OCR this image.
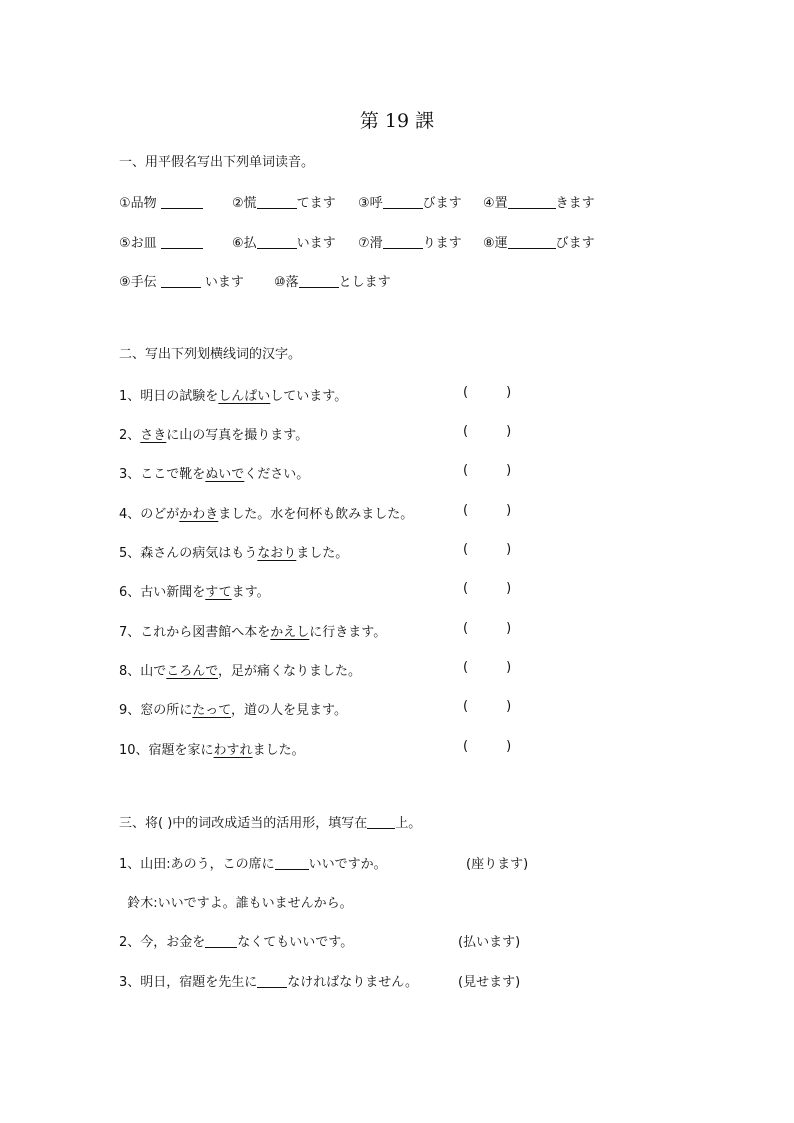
第 19 課
一、用平假名写出下列单词读音。
①品物	②慌	てます ③呼	びます ④置	きます
⑤お皿	⑥払	います ⑦滑	ります ⑧運	びます
⑨手伝	います ⑩落	とします
二、写出下列划横线词的汉字。
1、明日の試験をしんぱいしています。	(	)
2、さきに山の写真を撮ります。	(	)
3、ここで靴をぬいでください。	(	)
4、のどがかわきました。水を何杯も飲みました。	(	)
5、森さんの病気はもうなおりました。	(	)
6、古い新聞をすてます。	(	)
7、これから図書館へ本をかえしに行きます。	(	)
8、山でころんで，足が痛くなりました。	(	)
9、窓の所にたって，道の人を見ます。	(	)
10、宿題を家にわすれました。	(	)
三、将( )中的词改成适当的活用形，填写在 上。
1、山田:あのう，この席に	いいですか。	(座ります)
鈴木:いいですよ。誰もいませんから。
2、今，お金を なくてもいいです。	(払います)
3、明日，宿題を先生に なければなりません。	(見せます)
